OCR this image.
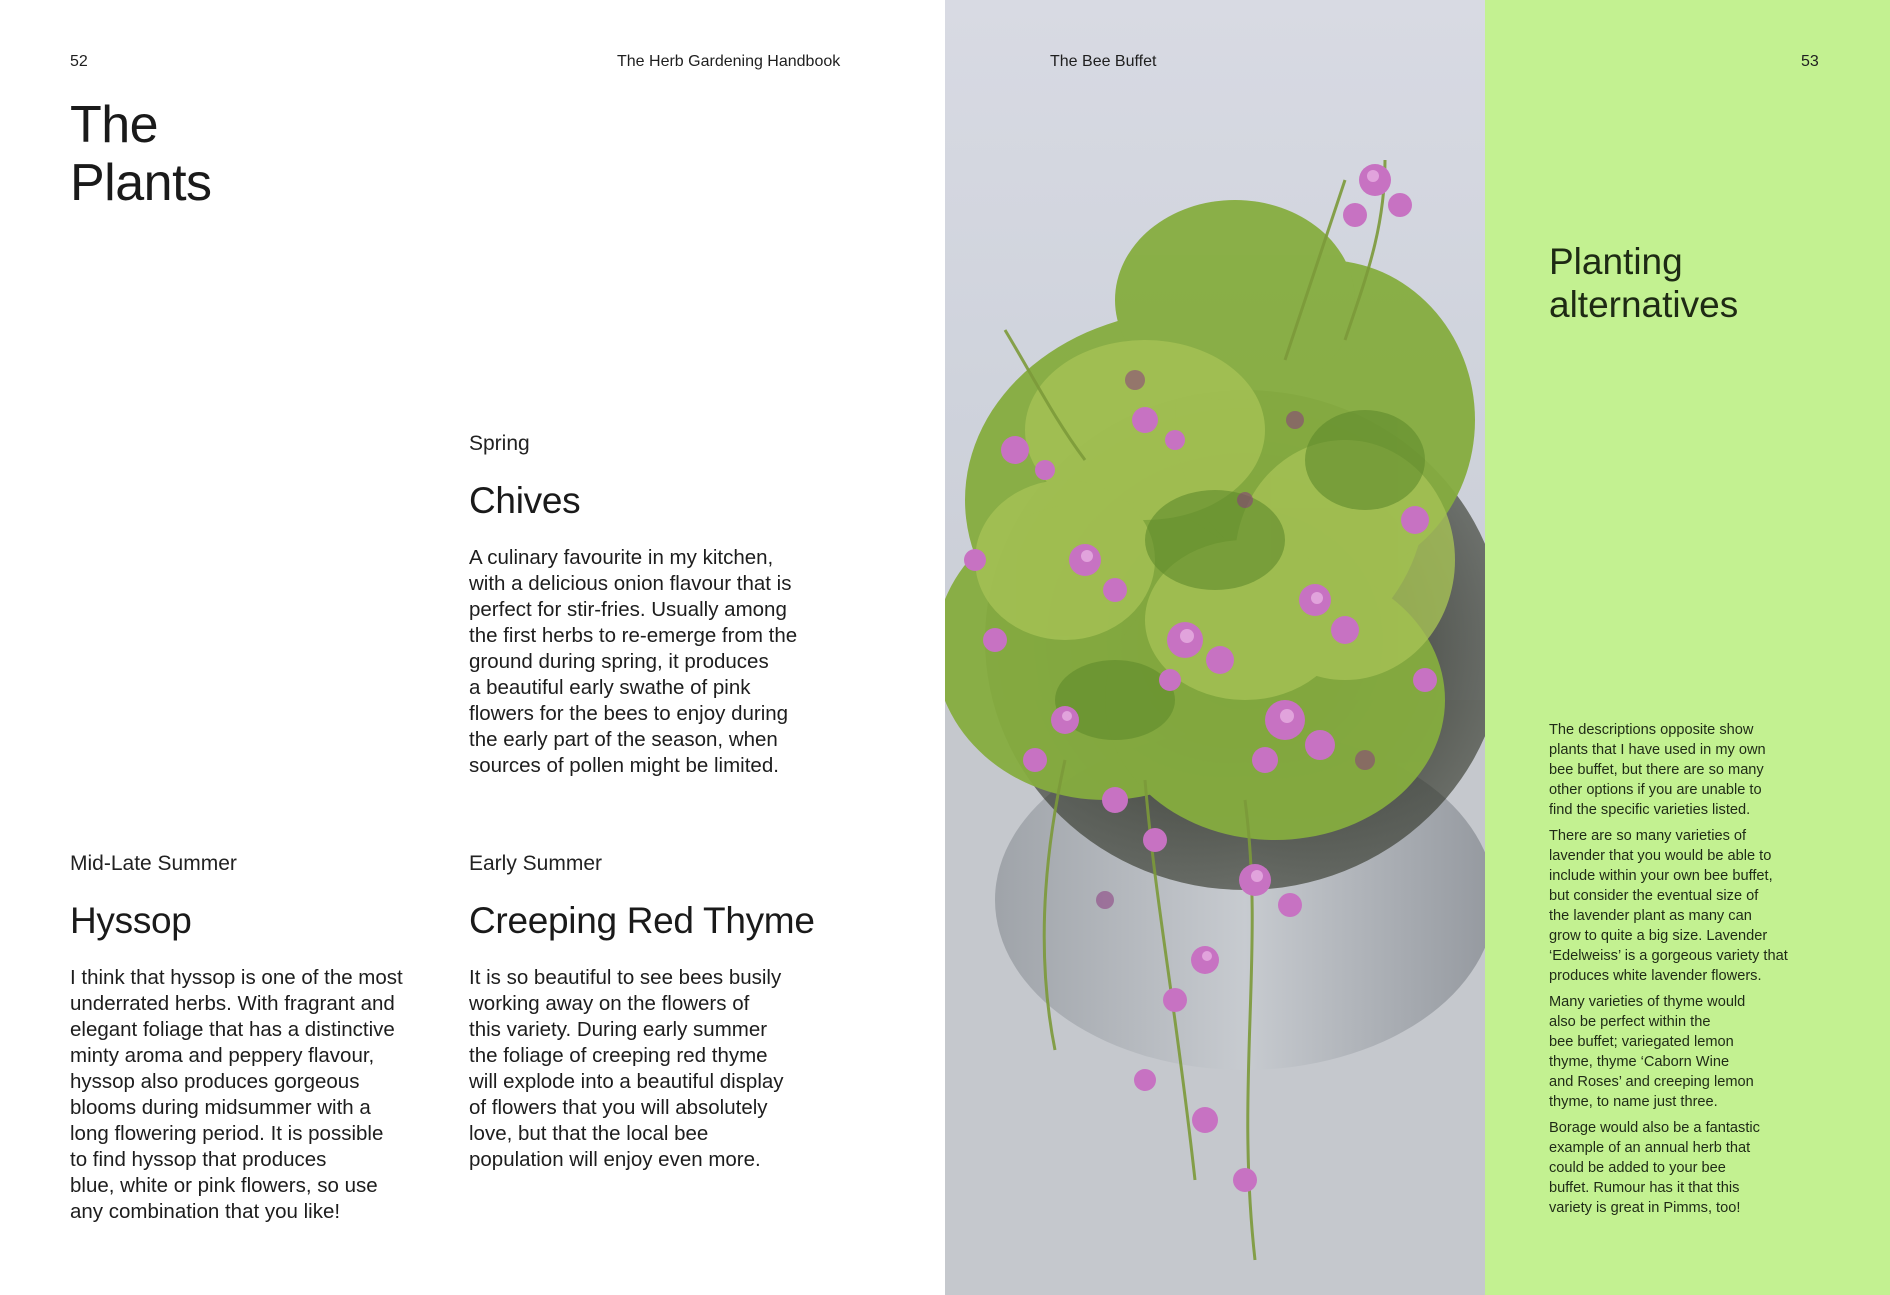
52	The Herb Gardening Handbook
The
Plants

Spring

Chives

A culinary favourite in my kitchen,
with a delicious onion flavour that is
perfect for stir-fries. Usually among
the first herbs to re-emerge from the
ground during spring, it produces
a beautiful early swathe of pink
flowers for the bees to enjoy during
the early part of the season, when
sources of pollen might be limited.

Mid-Late Summer

Hyssop

I think that hyssop is one of the most
underrated herbs. With fragrant and
elegant foliage that has a distinctive
minty aroma and peppery flavour,
hyssop also produces gorgeous
blooms during midsummer with a
long flowering period. It is possible
to find hyssop that produces
blue, white or pink flowers, so use
any combination that you like!

Early Summer

Creeping Red Thyme

It is so beautiful to see bees busily
working away on the flowers of
this variety. During early summer
the foliage of creeping red thyme
will explode into a beautiful display
of flowers that you will absolutely
love, but that the local bee
population will enjoy even more.

The Bee Buffet	53
Planting
alternatives

The descriptions opposite show
plants that I have used in my own
bee buffet, but there are so many
other options if you are unable to
find the specific varieties listed.

There are so many varieties of
lavender that you would be able to
include within your own bee buffet,
but consider the eventual size of
the lavender plant as many can
grow to quite a big size. Lavender
‘Edelweiss’ is a gorgeous variety that
produces white lavender flowers.

Many varieties of thyme would
also be perfect within the
bee buffet; variegated lemon
thyme, thyme ‘Caborn Wine
and Roses’ and creeping lemon
thyme, to name just three.

Borage would also be a fantastic
example of an annual herb that
could be added to your bee
buffet. Rumour has it that this
variety is great in Pimms, too!
